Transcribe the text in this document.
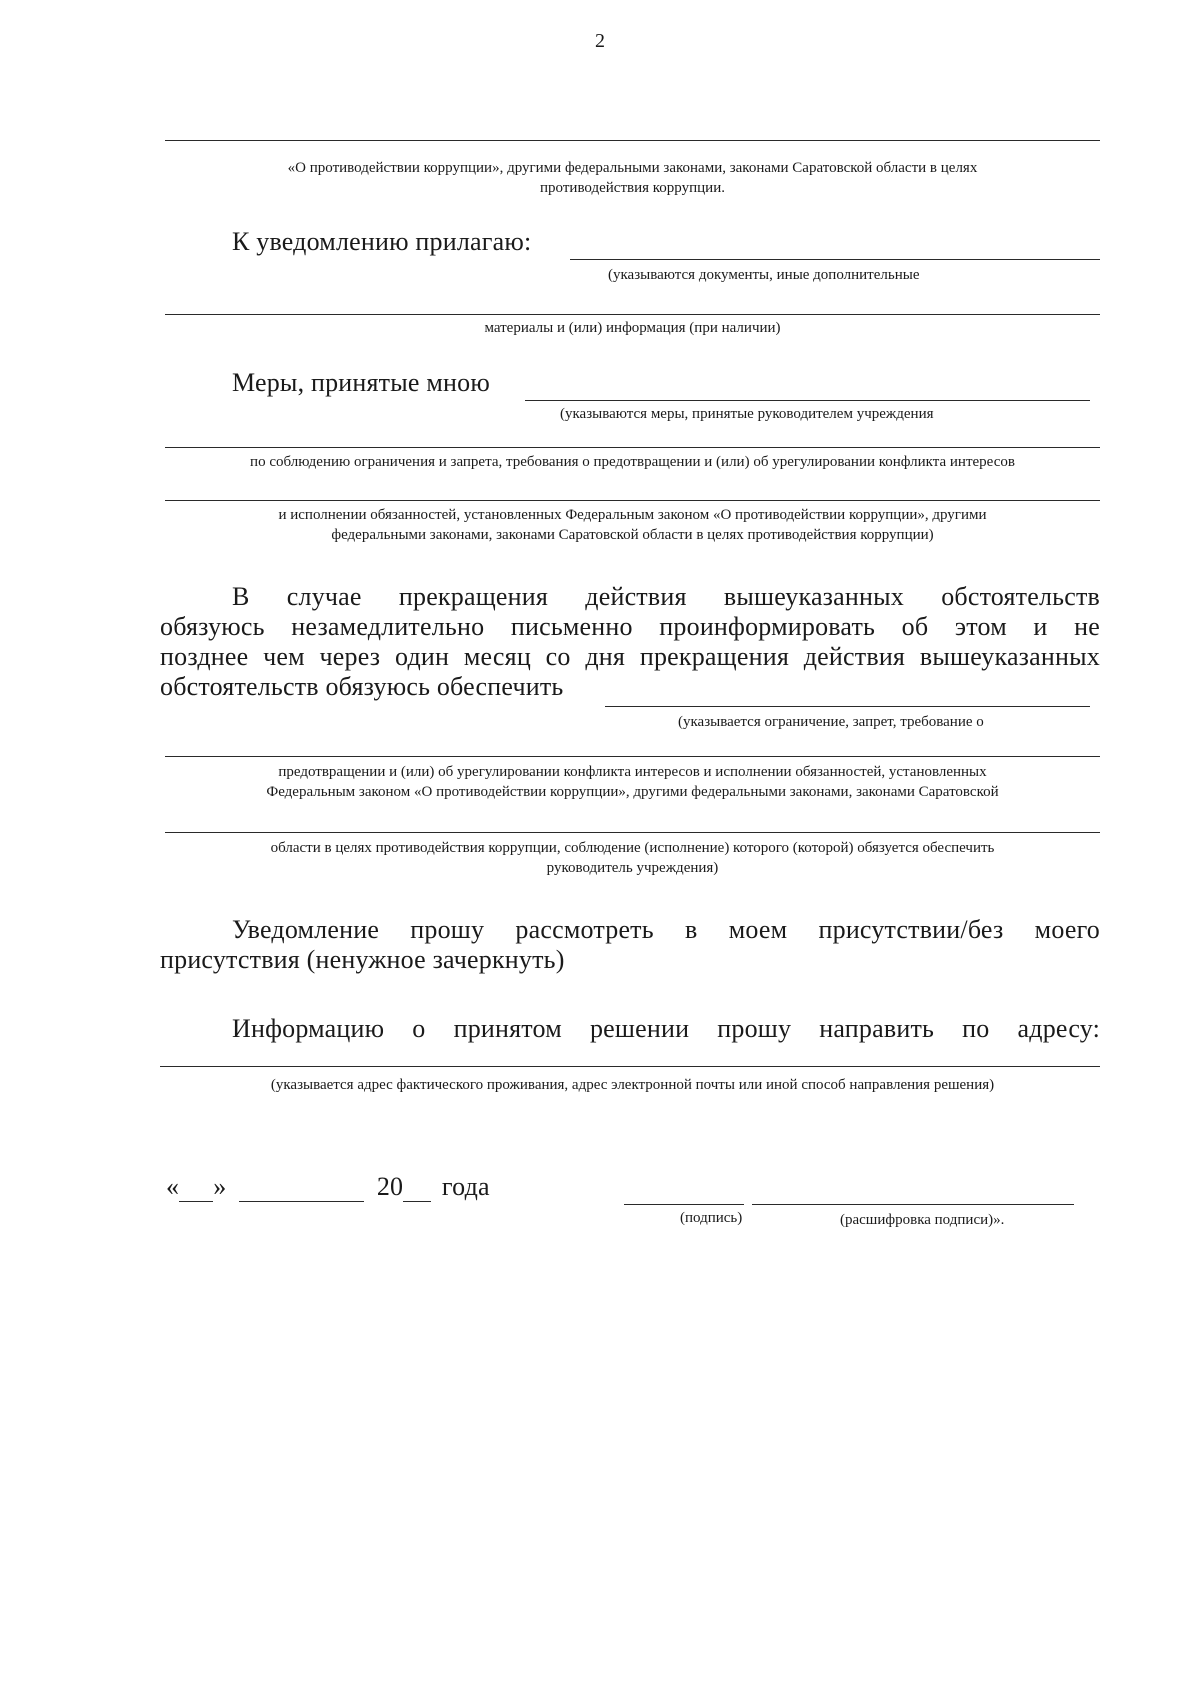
2
«О противодействии коррупции», другими федеральными законами, законами Саратовской области в целях
противодействия коррупции.
К уведомлению прилагаю:
(указываются документы, иные дополнительные
материалы и (или) информация (при наличии)
Меры, принятые мною
(указываются меры, принятые руководителем учреждения
по соблюдению ограничения и запрета, требования о предотвращении и (или) об урегулировании конфликта интересов
и исполнении обязанностей, установленных Федеральным законом «О противодействии коррупции», другими
федеральными законами, законами Саратовской области в целях противодействия коррупции)
В случае прекращения действия вышеуказанных обстоятельств
обязуюсь незамедлительно письменно проинформировать об этом и не
позднее чем через один месяц со дня прекращения действия вышеуказанных
обстоятельств обязуюсь обеспечить
(указывается ограничение, запрет, требование о
предотвращении и (или) об урегулировании конфликта интересов и исполнении обязанностей, установленных
Федеральным законом «О противодействии коррупции», другими федеральными законами, законами Саратовской
области в целях противодействия коррупции, соблюдение (исполнение) которого (которой) обязуется обеспечить
руководитель учреждения)
Уведомление прошу рассмотреть в моем присутствии/без моего
присутствия (ненужное зачеркнуть)
Информацию о принятом решении прошу направить по адресу:
(указывается адрес фактического проживания, адрес электронной почты или иной способ направления решения)
« »	20 года
(подпись)	(расшифровка подписи)».
